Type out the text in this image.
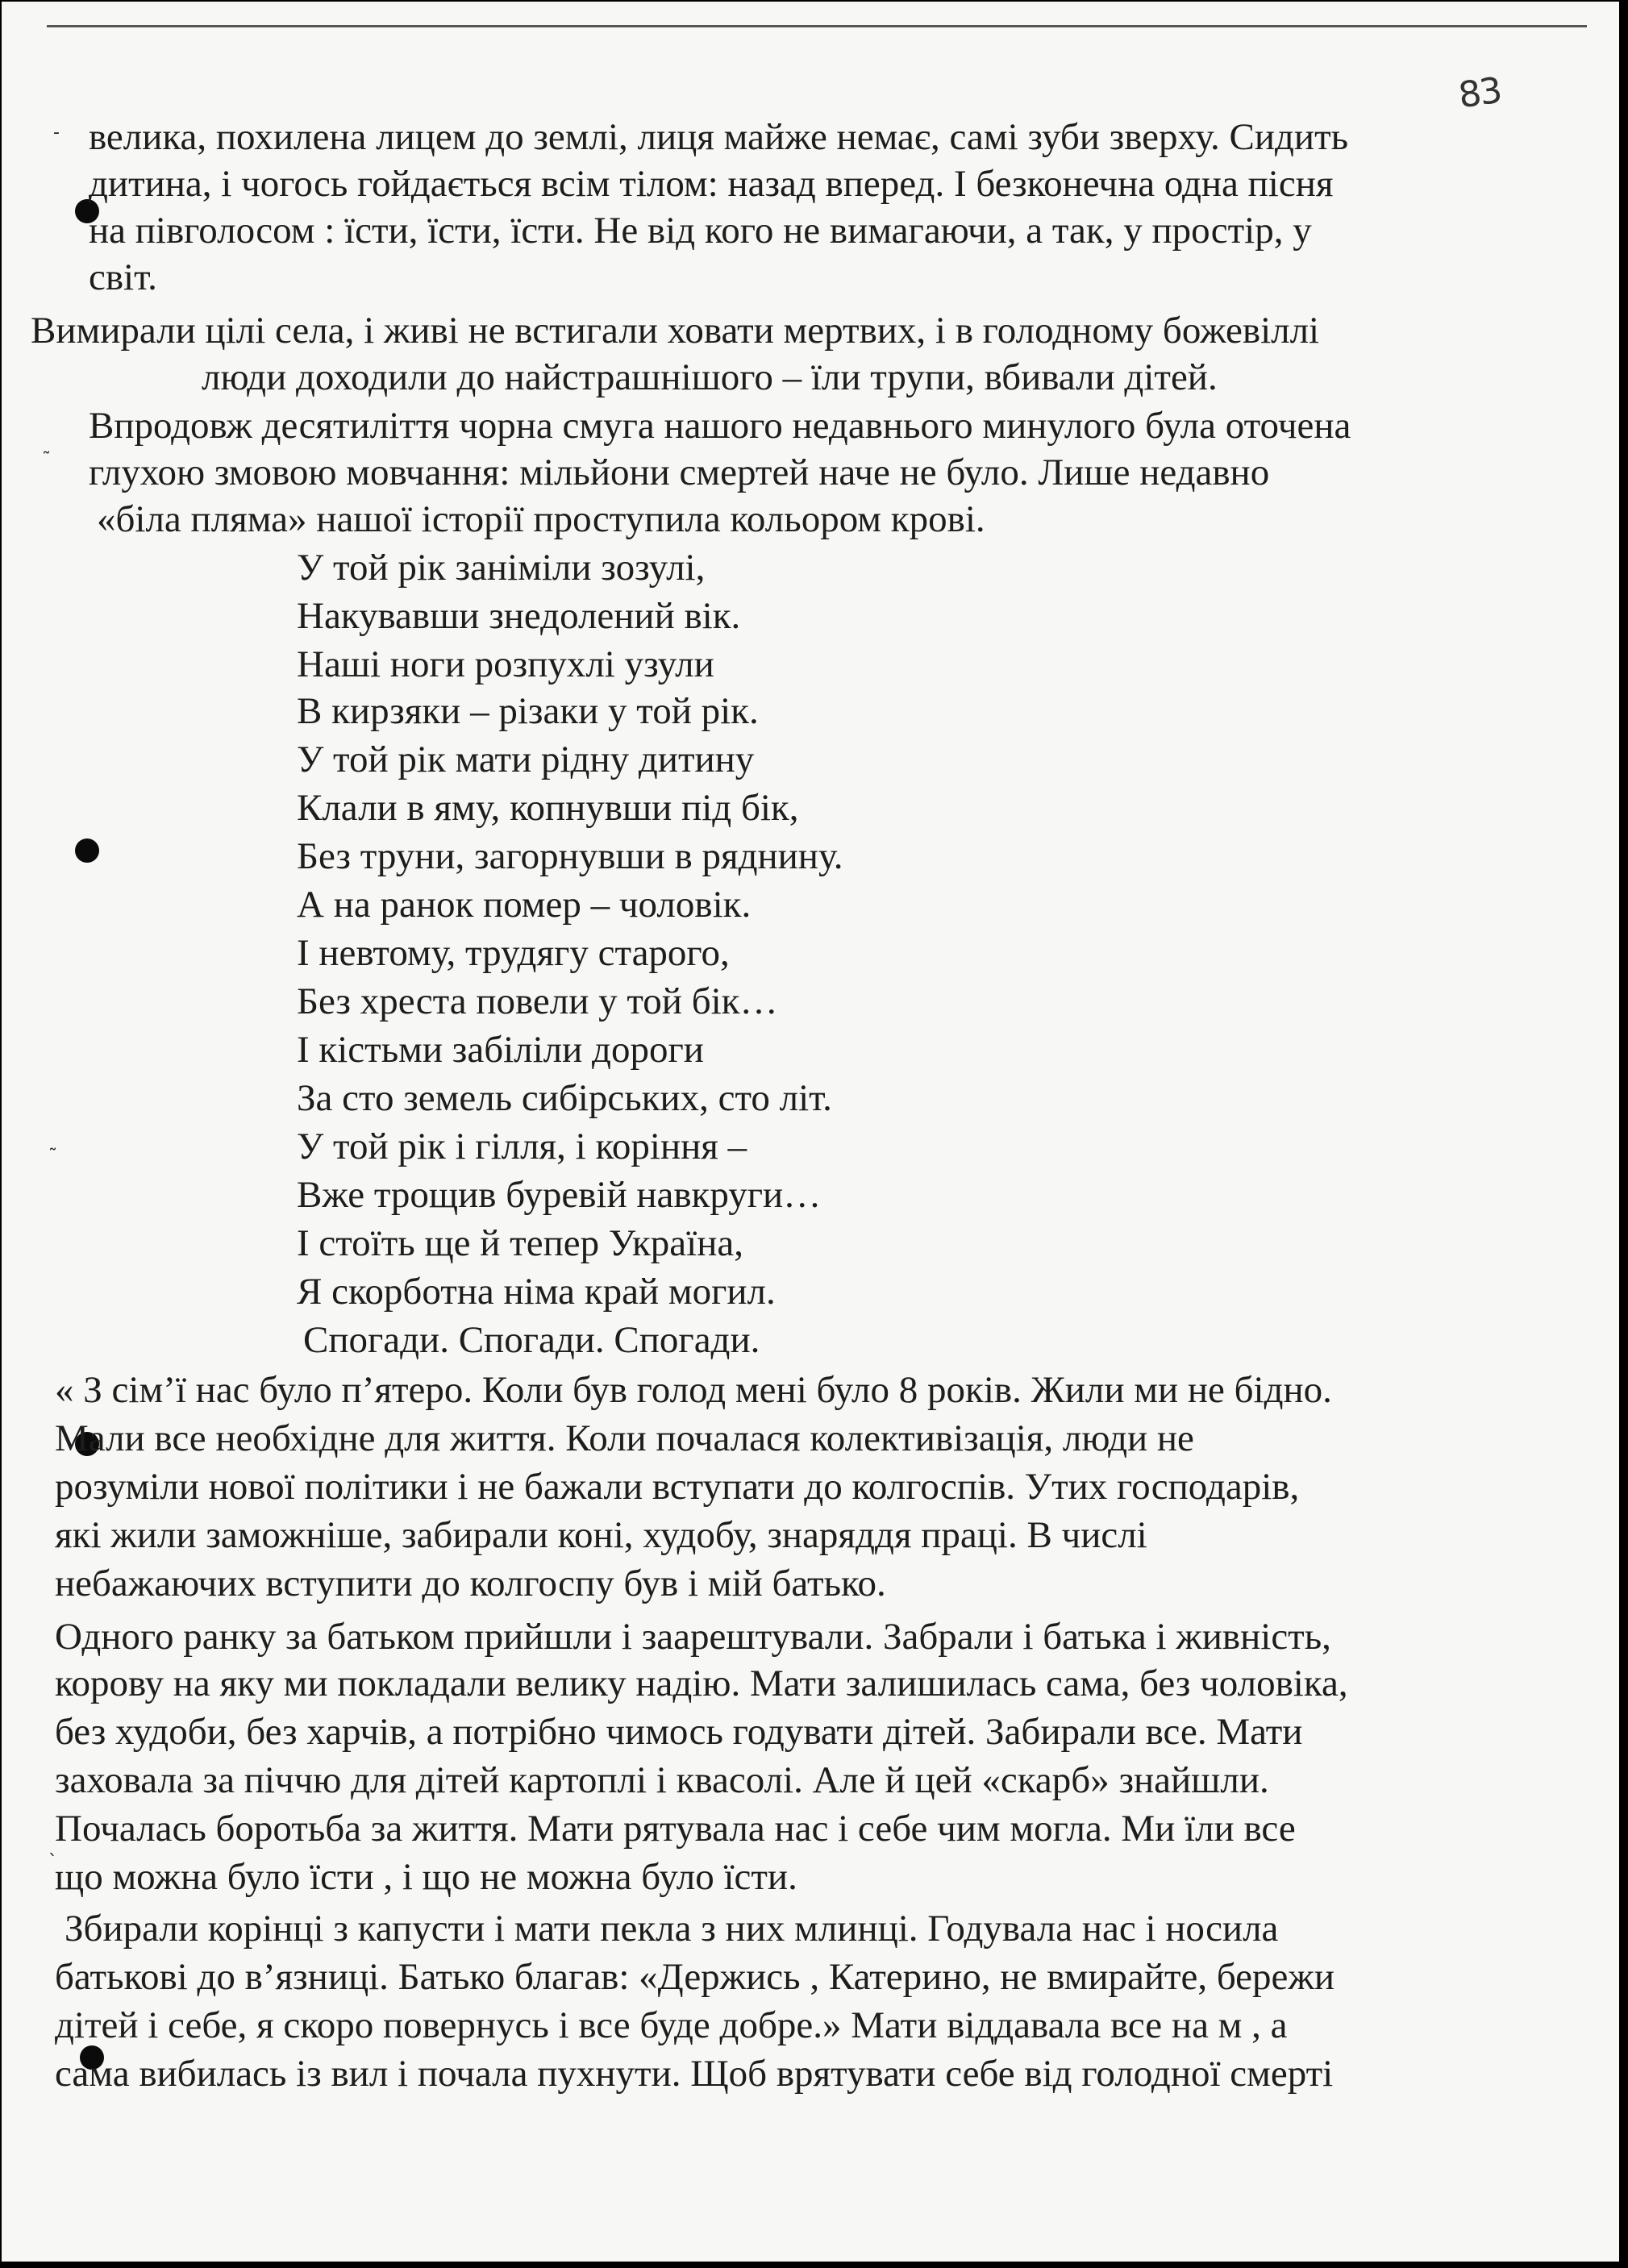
83
-
˜
˜
ˋ
велика, похилена лицем до землі, лиця майже немає, самі зуби зверху. Сидить
дитина, і чогось гойдається всім тілом: назад вперед. І безконечна одна пісня
на півголосом : їсти, їсти, їсти. Не від кого не вимагаючи, а так, у простір, у
світ.
Вимирали цілі села, і живі не встигали ховати мертвих, і в голодному божевіллі
люди доходили до найстрашнішого – їли трупи, вбивали дітей.
Впродовж десятиліття чорна смуга нашого недавнього минулого була оточена
глухою змовою мовчання: мільйони смертей наче не було. Лише недавно
«біла пляма» нашої історії проступила кольором крові.
У той рік заніміли зозулі,
Накувавши знедолений вік.
Наші ноги розпухлі узули
В кирзяки – різаки у той рік.
У той рік мати рідну дитину
Клали в яму, копнувши під бік,
Без труни, загорнувши в ряднину.
А на ранок помер – чоловік.
І невтому, трудягу старого,
Без хреста повели у той бік…
І кістьми забіліли дороги
За сто земель сибірських, сто літ.
У той рік і гілля, і коріння –
Вже трощив буревій навкруги…
І стоїть ще й тепер Україна,
Я скорботна німа край могил.
Спогади. Спогади. Спогади.
« З сім’ї нас було п’ятеро. Коли був голод мені було 8 років. Жили ми не бідно.
Мали все необхідне для життя. Коли почалася колективізація, люди не
розуміли нової політики і не бажали вступати до колгоспів. Утих господарів,
які жили заможніше, забирали коні, худобу, знаряддя праці. В числі
небажаючих вступити до колгоспу був і мій батько.
Одного ранку за батьком прийшли і заарештували. Забрали і батька і живність,
корову на яку ми покладали велику надію. Мати залишилась сама, без чоловіка,
без худоби, без харчів, а потрібно чимось годувати дітей. Забирали все. Мати
заховала за піччю для дітей картоплі і квасолі. Але й цей «скарб» знайшли.
Почалась боротьба за життя. Мати рятувала нас і себе чим могла. Ми їли все
що можна було їсти , і що не можна було їсти.
Збирали корінці з капусти і мати пекла з них млинці. Годувала нас і носила
батькові до в’язниці. Батько благав: «Держись , Катерино, не вмирайте, бережи
дітей і себе, я скоро повернусь і все буде добре.» Мати віддавала все на м , а
сама вибилась із вил і почала пухнути. Щоб врятувати себе від голодної смерті
